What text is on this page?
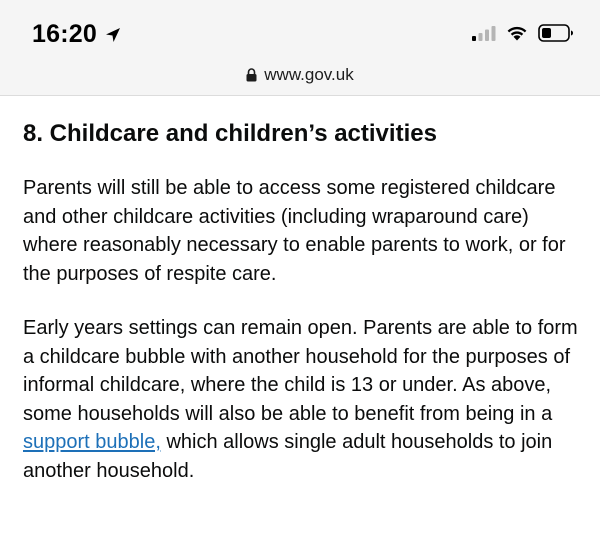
16:20
www.gov.uk
8. Childcare and children’s activities

Parents will still be able to access some registered childcare and other childcare activities (including wraparound care) where reasonably necessary to enable parents to work, or for the purposes of respite care.

Early years settings can remain open. Parents are able to form a childcare bubble with another household for the purposes of informal childcare, where the child is 13 or under. As above, some households will also be able to benefit from being in a support bubble, which allows single adult households to join another household.
